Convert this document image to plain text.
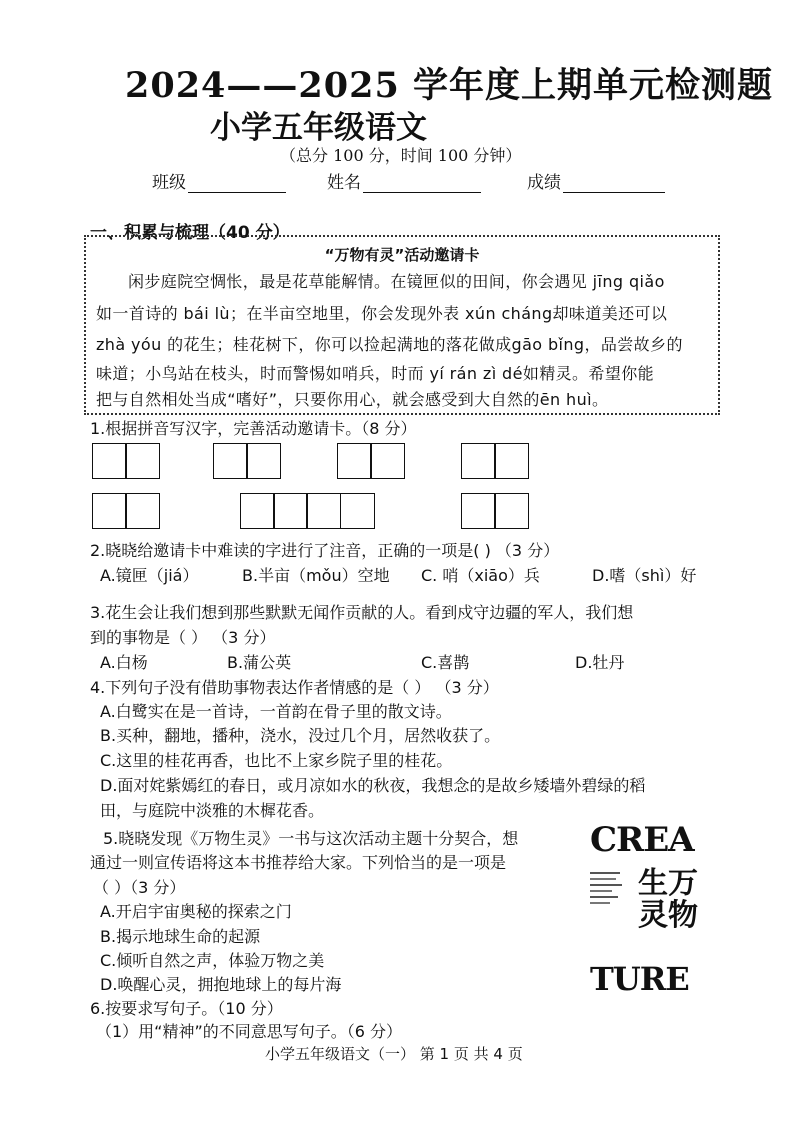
2024——2025 学年度上期单元检测题
小学五年级语文
（总分 100 分，时间 100 分钟）
班级	姓名	成绩
一、积累与梳理（40 分）
“万物有灵”活动邀请卡
闲步庭院空惆怅，最是花草能解情。在镜匣似的田间，你会遇见 jīng qiǎo
如一首诗的 bái lù；在半亩空地里，你会发现外表 xún cháng却味道美还可以
zhà yóu 的花生；桂花树下，你可以捡起满地的落花做成gāo bǐng，品尝故乡的
味道；小鸟站在枝头，时而警惕如哨兵，时而 yí rán zì dé如精灵。希望你能
把与自然相处当成“嗜好”，只要你用心，就会感受到大自然的ēn huì。
1.根据拼音写汉字，完善活动邀请卡。（8 分）
2.晓晓给邀请卡中难读的字进行了注音，正确的一项是( ) （3 分）
A.镜匣（jiá）	B.半亩（mǒu）空地 C. 哨（xiāo）兵	D.嗜（shì）好
3.花生会让我们想到那些默默无闻作贡献的人。看到戍守边疆的军人，我们想
到的事物是（ ） （3 分）
A.白杨	B.蒲公英	C.喜鹊	D.牡丹
4.下列句子没有借助事物表达作者情感的是（ ） （3 分）
A.白鹭实在是一首诗，一首韵在骨子里的散文诗。
B.买种，翻地，播种，浇水，没过几个月，居然收获了。
C.这里的桂花再香，也比不上家乡院子里的桂花。
D.面对姹紫嫣红的春日，或月凉如水的秋夜，我想念的是故乡矮墙外碧绿的稻
田，与庭院中淡雅的木樨花香。
5.晓晓发现《万物生灵》一书与这次活动主题十分契合，想
通过一则宣传语将这本书推荐给大家。下列恰当的是一项是
（ ）（3 分）
A.开启宇宙奥秘的探索之门
B.揭示地球生命的起源
C.倾听自然之声，体验万物之美
D.唤醒心灵，拥抱地球上的每片海
CREA
生万灵物
TURE
6.按要求写句子。（10 分）
（1）用“精神”的不同意思写句子。（6 分）
小学五年级语文（一） 第 1 页 共 4 页
